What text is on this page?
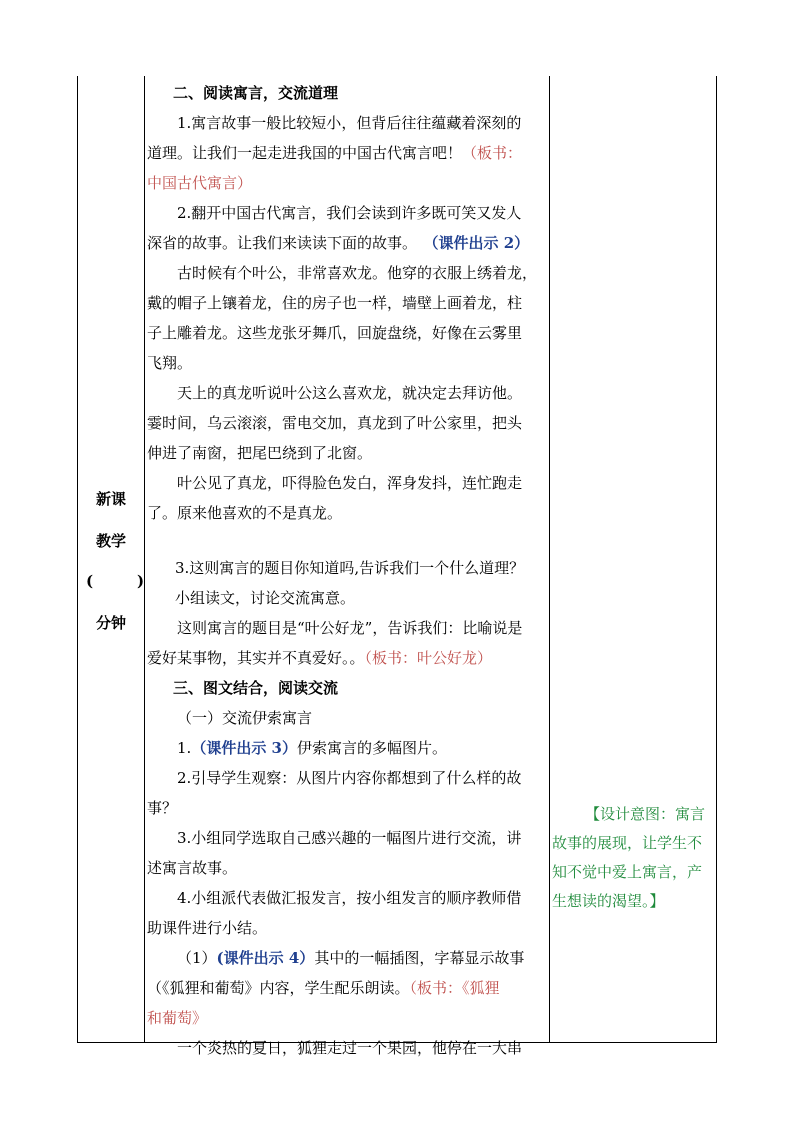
新课
教学
分钟
(	)
二、阅读寓言，交流道理
1.寓言故事一般比较短小，但背后往往蕴藏着深刻的
道理。让我们一起走进我国的中国古代寓言吧！（板书：
中国古代寓言）
2.翻开中国古代寓言，我们会读到许多既可笑又发人
深省的故事。让我们来读读下面的故事。 （课件出示 2）
古时候有个叶公，非常喜欢龙。他穿的衣服上绣着龙，
戴的帽子上镶着龙，住的房子也一样，墙壁上画着龙，柱
子上雕着龙。这些龙张牙舞爪，回旋盘绕，好像在云雾里
飞翔。
天上的真龙听说叶公这么喜欢龙，就决定去拜访他。
霎时间，乌云滚滚，雷电交加，真龙到了叶公家里，把头
伸进了南窗，把尾巴绕到了北窗。
叶公见了真龙，吓得脸色发白，浑身发抖，连忙跑走
了。原来他喜欢的不是真龙。
3.这则寓言的题目你知道吗,告诉我们一个什么道理？
小组读文，讨论交流寓意。
这则寓言的题目是“叶公好龙”，告诉我们：比喻说是
爱好某事物，其实并不真爱好。。（板书：叶公好龙）
三、图文结合，阅读交流
（一）交流伊索寓言
1.（课件出示 3）伊索寓言的多幅图片。
2.引导学生观察：从图片内容你都想到了什么样的故
事？
3.小组同学选取自己感兴趣的一幅图片进行交流，讲
述寓言故事。
4.小组派代表做汇报发言，按小组发言的顺序教师借
助课件进行小结。
（1）(课件出示 4）其中的一幅插图，字幕显示故事
（《狐狸和葡萄》内容，学生配乐朗读。（板书：《狐狸
和葡萄》
一个炎热的夏日，狐狸走过一个果园，他停在一大串
【设计意图：寓言
故事的展现，让学生不
知不觉中爱上寓言，产
生想读的渴望。】
